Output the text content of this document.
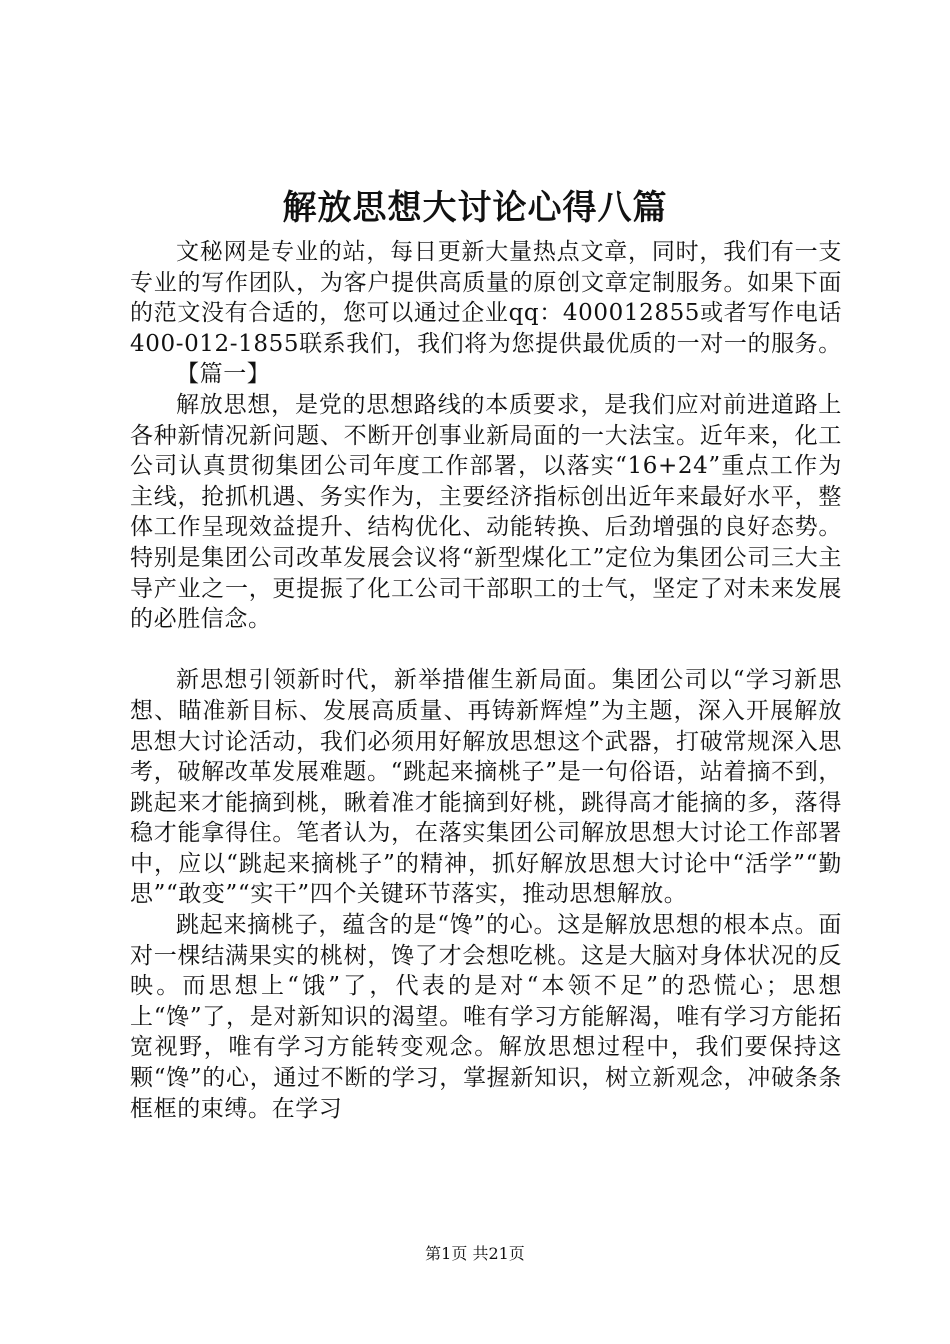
解放思想大讨论心得八篇

文秘网是专业的站，每日更新大量热点文章，同时，我们有一支专业的写作团队，为客户提供高质量的原创文章定制服务。如果下面的范文没有合适的，您可以通过企业qq：400012855或者写作电话400-012-1855联系我们，我们将为您提供最优质的一对一的服务。

【篇一】

解放思想，是党的思想路线的本质要求，是我们应对前进道路上各种新情况新问题、不断开创事业新局面的一大法宝。近年来，化工公司认真贯彻集团公司年度工作部署，以落实“16+24”重点工作为主线，抢抓机遇、务实作为，主要经济指标创出近年来最好水平，整体工作呈现效益提升、结构优化、动能转换、后劲增强的良好态势。特别是集团公司改革发展会议将“新型煤化工”定位为集团公司三大主导产业之一，更提振了化工公司干部职工的士气，坚定了对未来发展的必胜信念。

新思想引领新时代，新举措催生新局面。集团公司以“学习新思想、瞄准新目标、发展高质量、再铸新辉煌”为主题，深入开展解放思想大讨论活动，我们必须用好解放思想这个武器，打破常规深入思考，破解改革发展难题。“跳起来摘桃子”是一句俗语，站着摘不到，跳起来才能摘到桃，瞅着准才能摘到好桃，跳得高才能摘的多，落得稳才能拿得住。笔者认为，在落实集团公司解放思想大讨论工作部署中，应以“跳起来摘桃子”的精神，抓好解放思想大讨论中“活学”“勤思”“敢变”“实干”四个关键环节落实，推动思想解放。

跳起来摘桃子，蕴含的是“馋”的心。这是解放思想的根本点。面对一棵结满果实的桃树，馋了才会想吃桃。这是大脑对身体状况的反映。而思想上“饿”了，代表的是对“本领不足”的恐慌心；思想上“馋”了，是对新知识的渴望。唯有学习方能解渴，唯有学习方能拓宽视野，唯有学习方能转变观念。解放思想过程中，我们要保持这颗“馋”的心，通过不断的学习，掌握新知识，树立新观念，冲破条条框框的束缚。在学习

第1页 共21页
